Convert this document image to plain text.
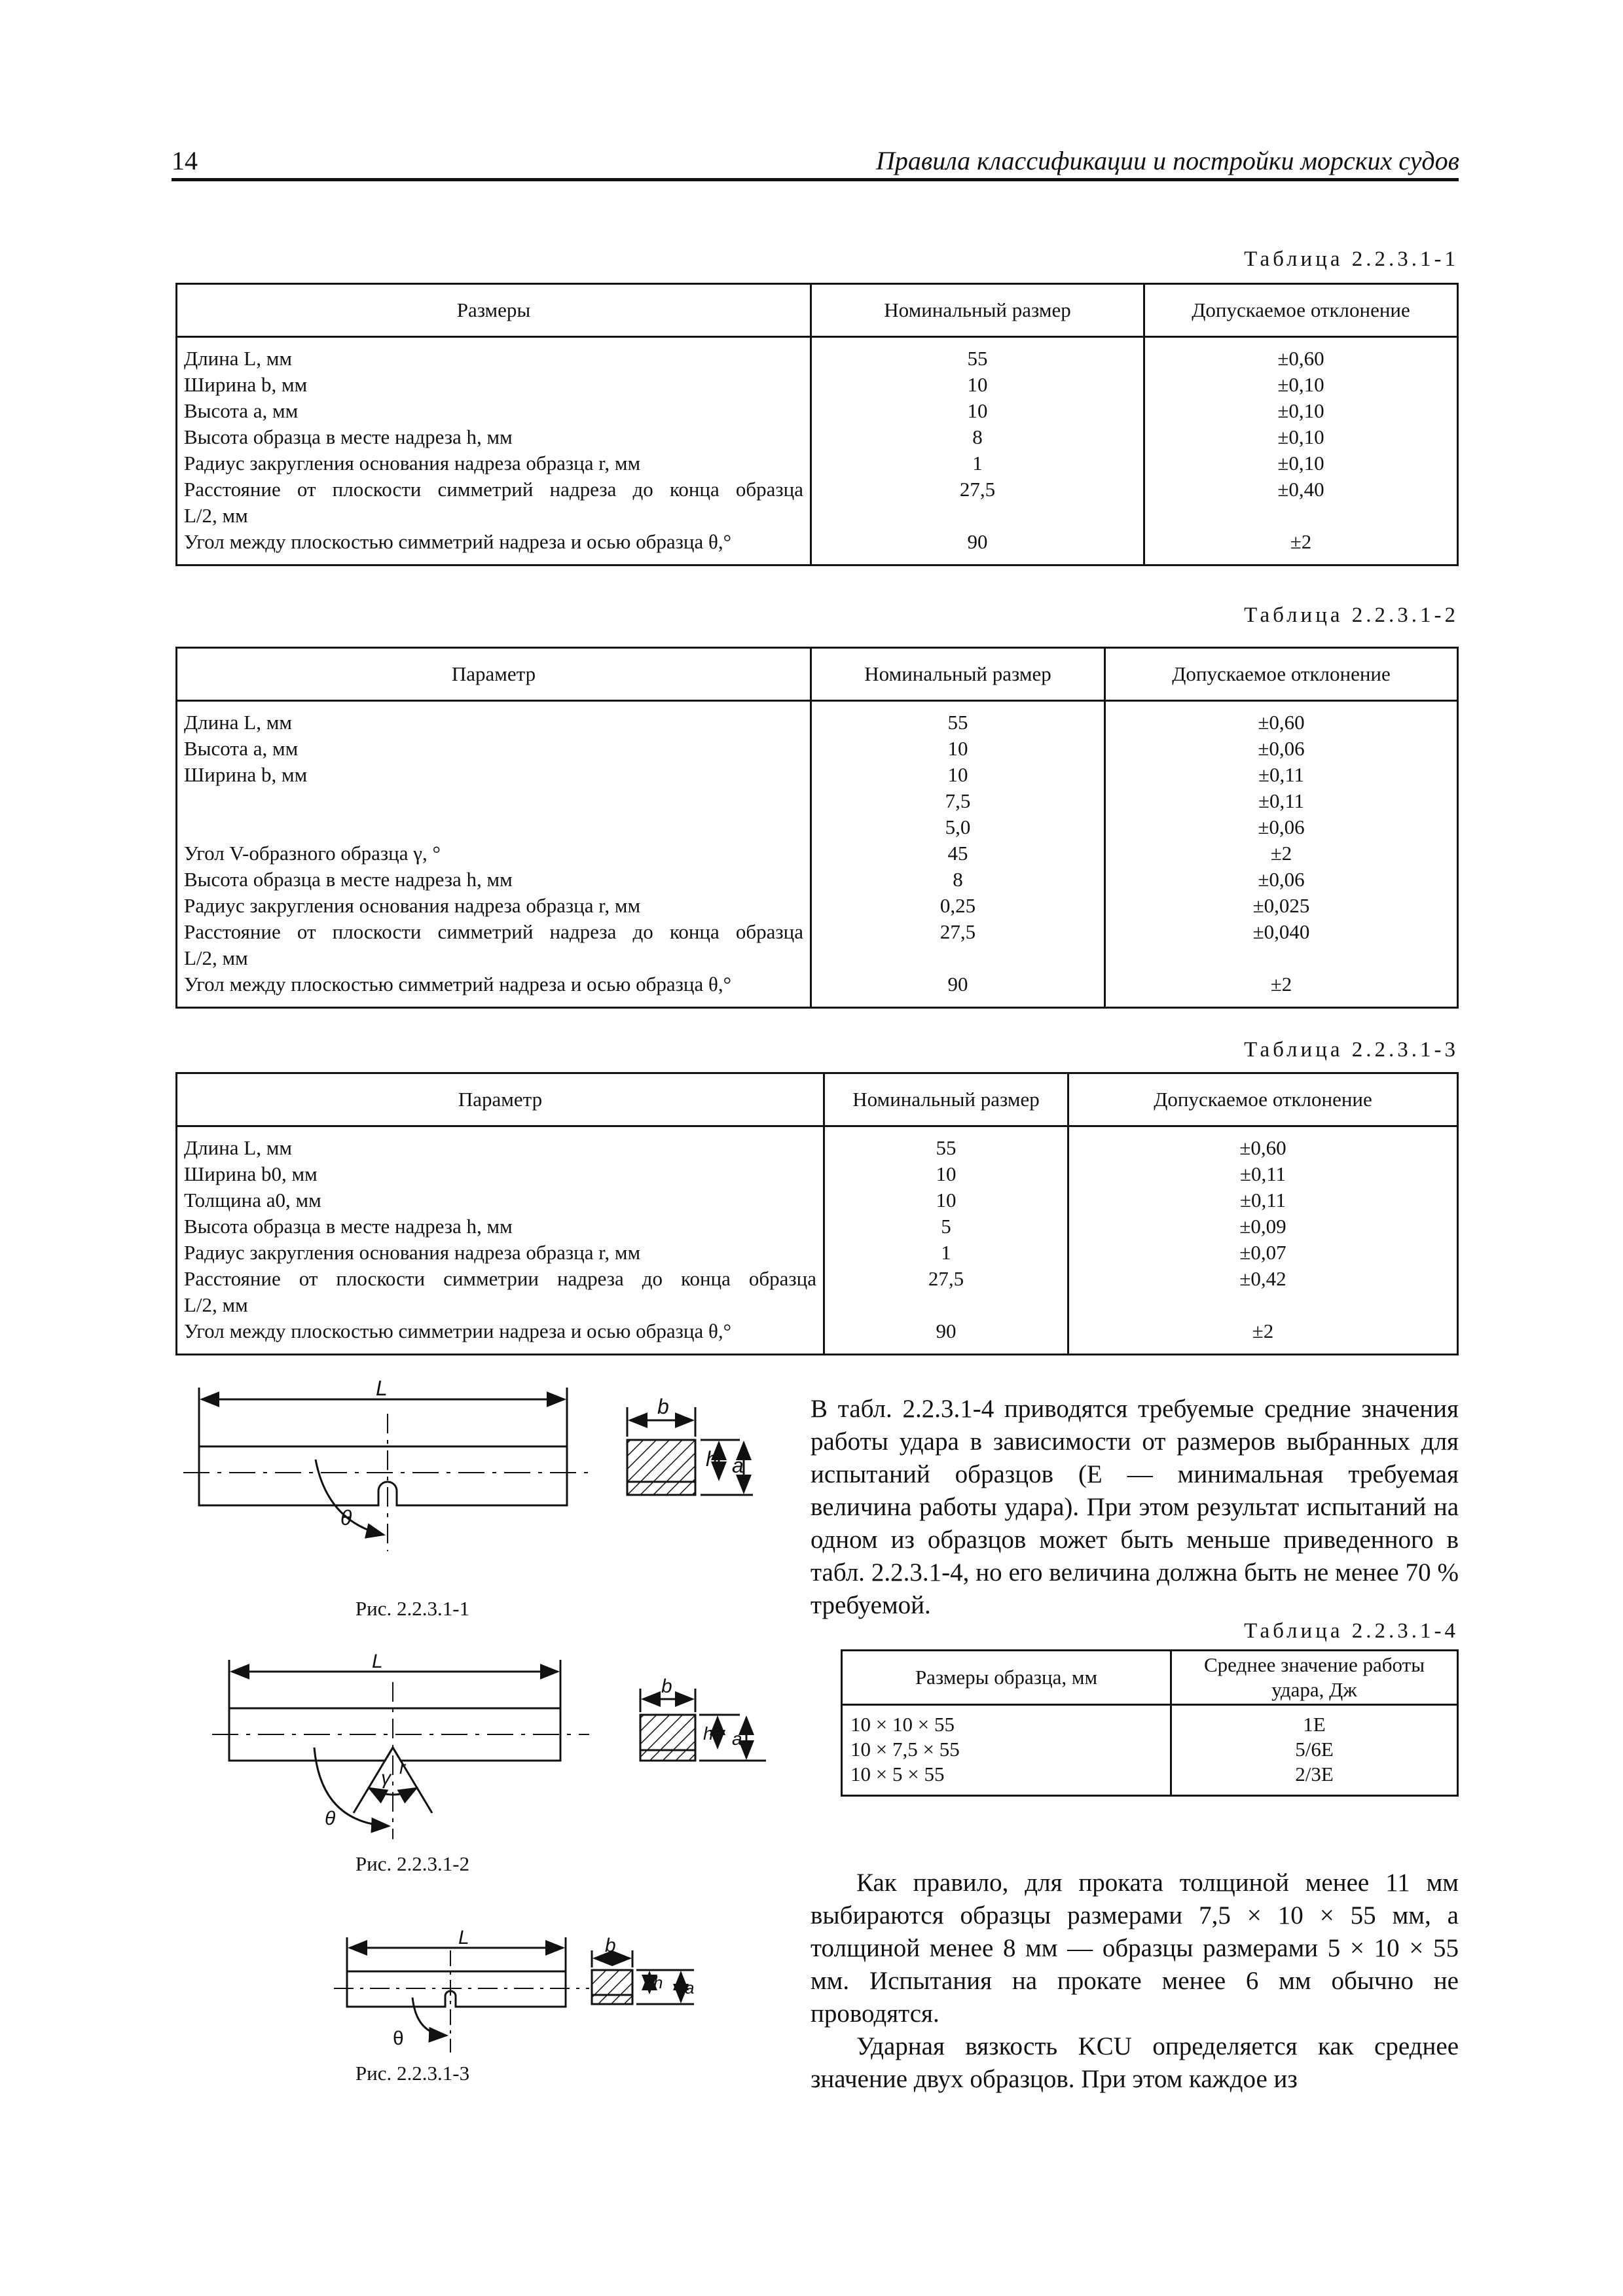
14	Правила классификации и постройки морских судов
Таблица 2.2.3.1-1
Размеры	Номинальный размер	Допускаемое отклонение
Длина L, мм	55	±0,60
Ширина b, мм	10	±0,10
Высота a, мм	10	±0,10
Высота образца в месте надреза h, мм	8	±0,10
Радиус закругления основания надреза образца r, мм	1	±0,10
Расстояние от плоскости симметрий надреза до конца образца	27,5	±0,40
L/2, мм		
Угол между плоскостью симметрий надреза и осью образца θ,°	90	±2
Таблица 2.2.3.1-2
Параметр	Номинальный размер	Допускаемое отклонение
Длина L, мм	55	±0,60
Высота a, мм	10	±0,06
Ширина b, мм	10	±0,11
	7,5	±0,11
	5,0	±0,06
Угол V-образного образца γ, °	45	±2
Высота образца в месте надреза h, мм	8	±0,06
Радиус закругления основания надреза образца r, мм	0,25	±0,025
Расстояние от плоскости симметрий надреза до конца образца	27,5	±0,040
L/2, мм		
Угол между плоскостью симметрий надреза и осью образца θ,°	90	±2
Таблица 2.2.3.1-3
Параметр	Номинальный размер	Допускаемое отклонение
Длина L, мм	55	±0,60
Ширина b0, мм	10	±0,11
Толщина a0, мм	10	±0,11
Высота образца в месте надреза h, мм	5	±0,09
Радиус закругления основания надреза образца r, мм	1	±0,07
Расстояние от плоскости симметрии надреза до конца образца	27,5	±0,42
L/2, мм		
Угол между плоскостью симметрии надреза и осью образца θ,°	90	±2
L
b
h a
θ
Рис. 2.2.3.1-1
L
b
h a
r
γ
θ
Рис. 2.2.3.1-2
L	b
h a
θ
Рис. 2.2.3.1-3

В табл. 2.2.3.1-4 приводятся требуемые средние значения работы удара в зависимости от размеров выбранных для испытаний образцов (E — минимальная требуемая величина работы удара). При этом результат испытаний на одном из образцов может быть меньше приведенного в табл. 2.2.3.1-4, но его величина должна быть не менее 70 % требуемой.

Таблица 2.2.3.1-4
Размеры образца, мм	Среднее значение работы удара, Дж
10 × 10 × 55	1E
10 × 7,5 × 55	5/6E
10 × 5 × 55	2/3E

Как правило, для проката толщиной менее 11 мм выбираются образцы размерами 7,5 × 10 × 55 мм, а толщиной менее 8 мм — образцы размерами 5 × 10 × 55 мм. Испытания на прокате менее 6 мм обычно не проводятся.

Ударная вязкость KCU определяется как среднее значение двух образцов. При этом каждое из
